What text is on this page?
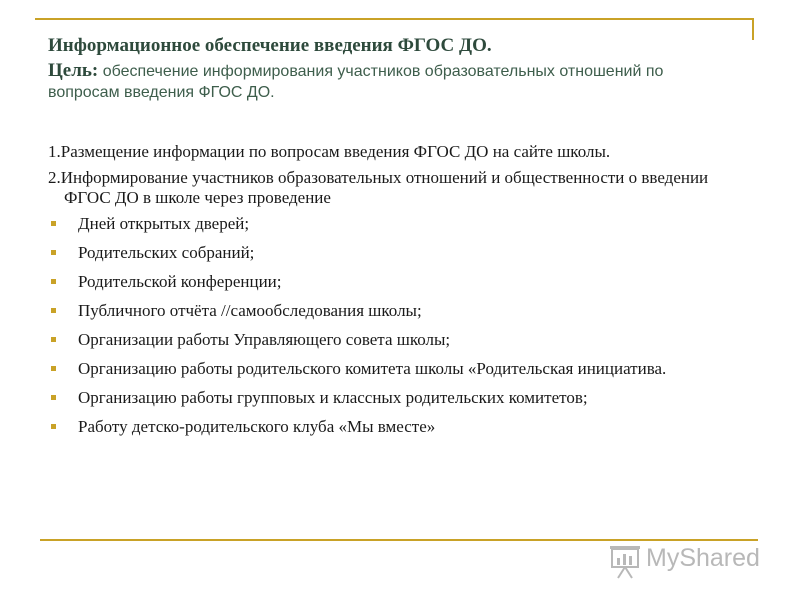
Информационное обеспечение введения ФГОС ДО.

Цель: обеспечение информирования участников образовательных отношений по вопросам введения ФГОС ДО.

1.Размещение информации по вопросам введения ФГОС ДО на сайте школы.

2.Информирование участников образовательных отношений и общественности о введении ФГОС ДО в школе через проведение

Дней открытых дверей;
Родительских собраний;
Родительской конференции;
Публичного отчёта //самообследования школы;
Организации работы Управляющего совета школы;
Организацию работы родительского комитета школы «Родительская инициатива.
Организацию работы групповых и классных родительских комитетов;
Работу детско-родительского клуба «Мы вместе»
MyShared
